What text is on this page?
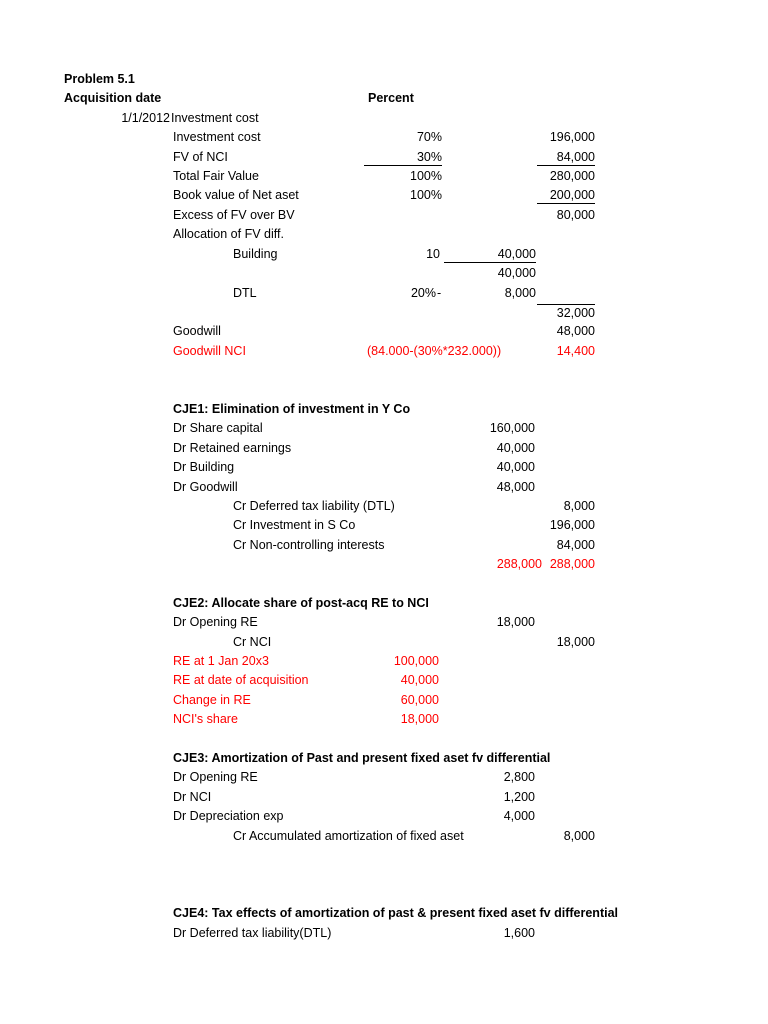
Problem 5.1
Acquisition date	Percent
1/1/2012 Investment cost
Investment cost	70%	196,000
FV of NCI	30%	84,000
Total Fair Value	100%	280,000
Book value of Net aset	100%	200,000
Excess of FV over BV	80,000
Allocation of FV diff.
Building	10	40,000
40,000
DTL	20% -	8,000
32,000
Goodwill	48,000
Goodwill NCI	(84.000-(30%*232.000))	14,400
CJE1: Elimination of investment in Y Co
Dr Share capital	160,000
Dr Retained earnings	40,000
Dr Building	40,000
Dr Goodwill	48,000
Cr Deferred tax liability (DTL)	8,000
Cr Investment in S Co	196,000
Cr Non-controlling interests	84,000
288,000 288,000
CJE2: Allocate share of post-acq RE to NCI
Dr Opening RE	18,000
Cr NCI	18,000
RE at 1 Jan 20x3	100,000
RE at date of acquisition	40,000
Change in RE	60,000
NCI's share	18,000
CJE3: Amortization of Past and present fixed aset fv differential
Dr Opening RE	2,800
Dr NCI	1,200
Dr Depreciation exp	4,000
Cr Accumulated amortization of fixed aset	8,000
CJE4: Tax effects of amortization of past & present fixed aset fv differential
Dr Deferred tax liability(DTL)	1,600
